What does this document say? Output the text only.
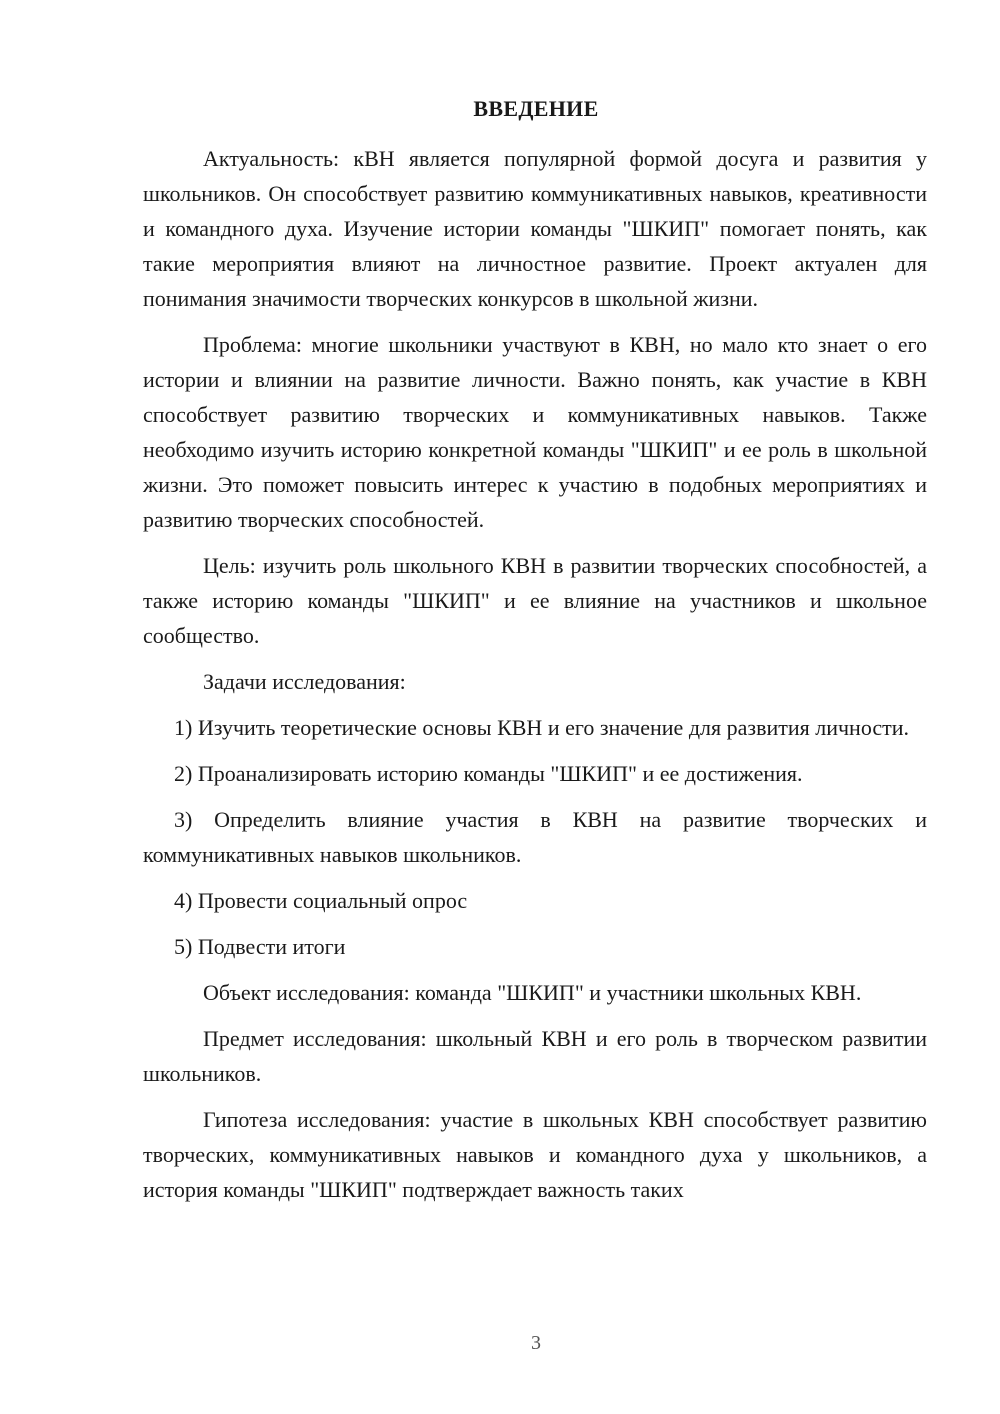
ВВЕДЕНИЕ

Актуальность: кВН является популярной формой досуга и развития у школьников. Он способствует развитию коммуникативных навыков, креативности и командного духа. Изучение истории команды "ШКИП" помогает понять, как такие мероприятия влияют на личностное развитие. Проект актуален для понимания значимости творческих конкурсов в школьной жизни.

Проблема: многие школьники участвуют в КВН, но мало кто знает о его истории и влиянии на развитие личности. Важно понять, как участие в КВН способствует развитию творческих и коммуникативных навыков. Также необходимо изучить историю конкретной команды "ШКИП" и ее роль в школьной жизни. Это поможет повысить интерес к участию в подобных мероприятиях и развитию творческих способностей.

Цель: изучить роль школьного КВН в развитии творческих способностей, а также историю команды "ШКИП" и ее влияние на участников и школьное сообщество.

Задачи исследования:

1) Изучить теоретические основы КВН и его значение для развития личности.

2) Проанализировать историю команды "ШКИП" и ее достижения.

3) Определить влияние участия в КВН на развитие творческих и коммуникативных навыков школьников.

4) Провести социальный опрос

5) Подвести итоги

Объект исследования: команда "ШКИП" и участники школьных КВН.

Предмет исследования: школьный КВН и его роль в творческом развитии школьников.

Гипотеза исследования: участие в школьных КВН способствует развитию творческих, коммуникативных навыков и командного духа у школьников, а история команды "ШКИП" подтверждает важность таких

3
